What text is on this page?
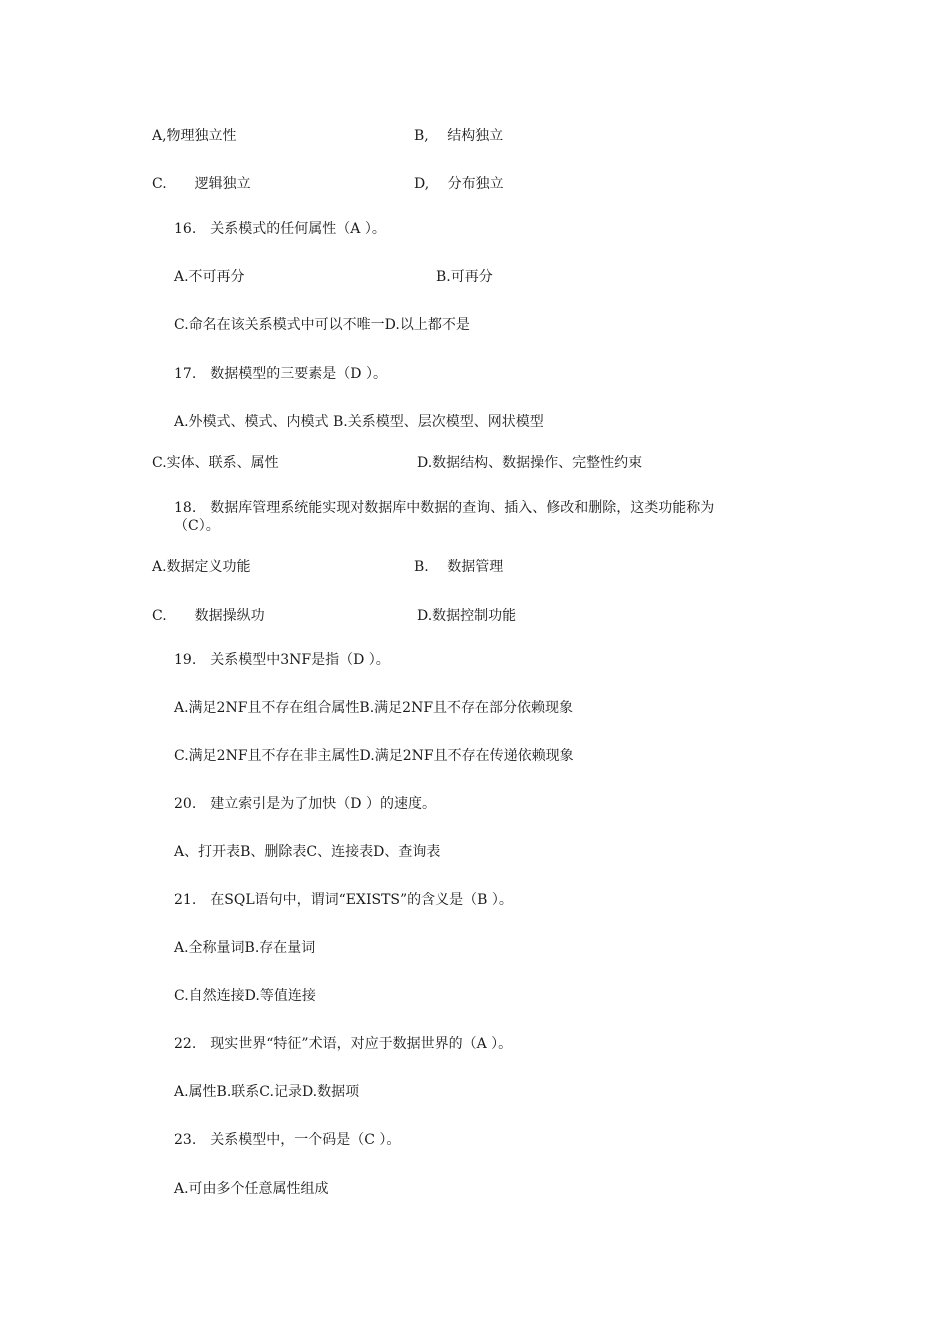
A,物理独立性	B,　 结构独立
C.　　逻辑独立	D,　 分布独立
16.　关系模式的任何属性（A ）。
A.不可再分	B.可再分
C.命名在该关系模式中可以不唯一D.以上都不是
17.　数据模型的三要素是（D ）。
A.外模式、模式、内模式 B.关系模型、层次模型、网状模型
C.实体、联系、属性	D.数据结构、数据操作、完整性约束
18.　数据库管理系统能实现对数据库中数据的查询、插入、修改和删除，这类功能称为
（C）。
A.数据定义功能	B.　 数据管理
C.　　数据操纵功	D.数据控制功能
19.　关系模型中3NF是指（D ）。
A.满足2NF且不存在组合属性B.满足2NF且不存在部分依赖现象
C.满足2NF且不存在非主属性D.满足2NF且不存在传递依赖现象
20.　建立索引是为了加快（D ）的速度。
A、打开表B、删除表C、连接表D、查询表
21.　在SQL语句中，谓词“EXISTS”的含义是（B ）。
A.全称量词B.存在量词
C.自然连接D.等值连接
22.　现实世界“特征”术语，对应于数据世界的（A ）。
A.属性B.联系C.记录D.数据项
23.　关系模型中，一个码是（C ）。
A.可由多个任意属性组成
